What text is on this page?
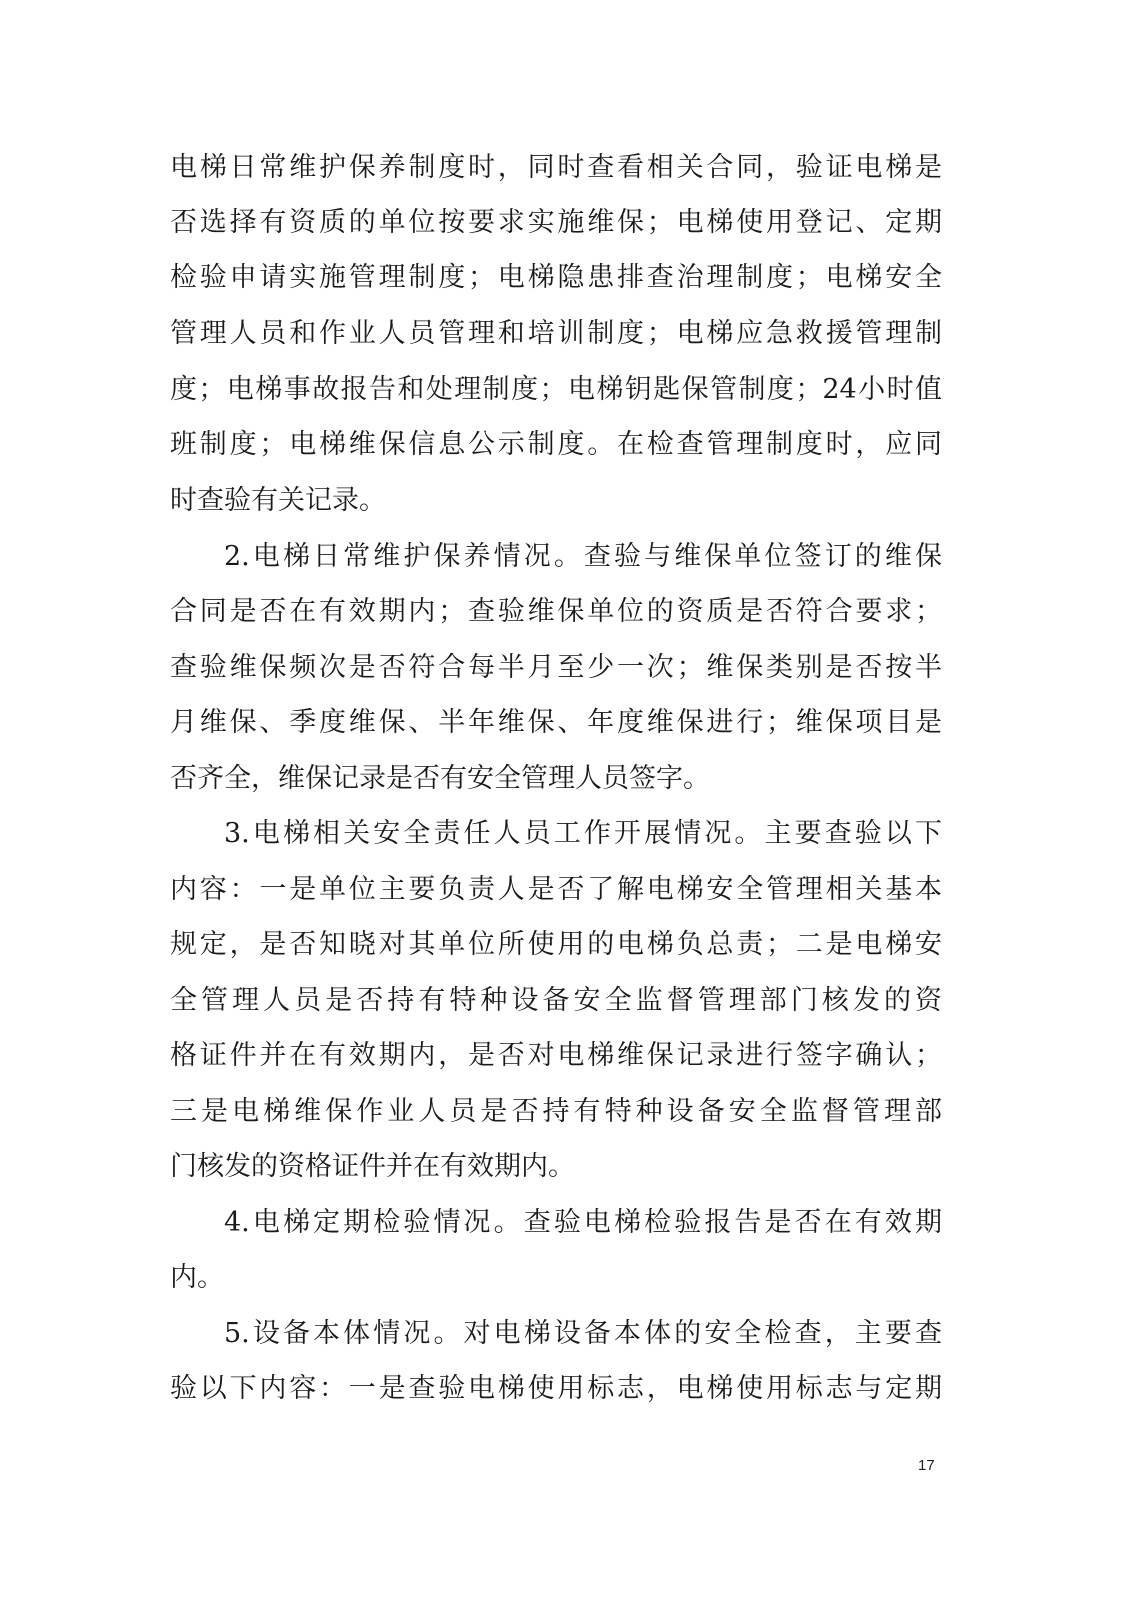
电梯日常维护保养制度时，同时查看相关合同，验证电梯是
否选择有资质的单位按要求实施维保；电梯使用登记、定期
检验申请实施管理制度；电梯隐患排查治理制度；电梯安全
管理人员和作业人员管理和培训制度；电梯应急救援管理制
度；电梯事故报告和处理制度；电梯钥匙保管制度；24小时值
班制度；电梯维保信息公示制度。在检查管理制度时，应同
时查验有关记录。
2.电梯日常维护保养情况。查验与维保单位签订的维保
合同是否在有效期内；查验维保单位的资质是否符合要求；
查验维保频次是否符合每半月至少一次；维保类别是否按半
月维保、季度维保、半年维保、年度维保进行；维保项目是
否齐全，维保记录是否有安全管理人员签字。
3.电梯相关安全责任人员工作开展情况。主要查验以下
内容：一是单位主要负责人是否了解电梯安全管理相关基本
规定，是否知晓对其单位所使用的电梯负总责；二是电梯安
全管理人员是否持有特种设备安全监督管理部门核发的资
格证件并在有效期内，是否对电梯维保记录进行签字确认；
三是电梯维保作业人员是否持有特种设备安全监督管理部
门核发的资格证件并在有效期内。
4.电梯定期检验情况。查验电梯检验报告是否在有效期
内。
5.设备本体情况。对电梯设备本体的安全检查，主要查
验以下内容：一是查验电梯使用标志，电梯使用标志与定期
17
